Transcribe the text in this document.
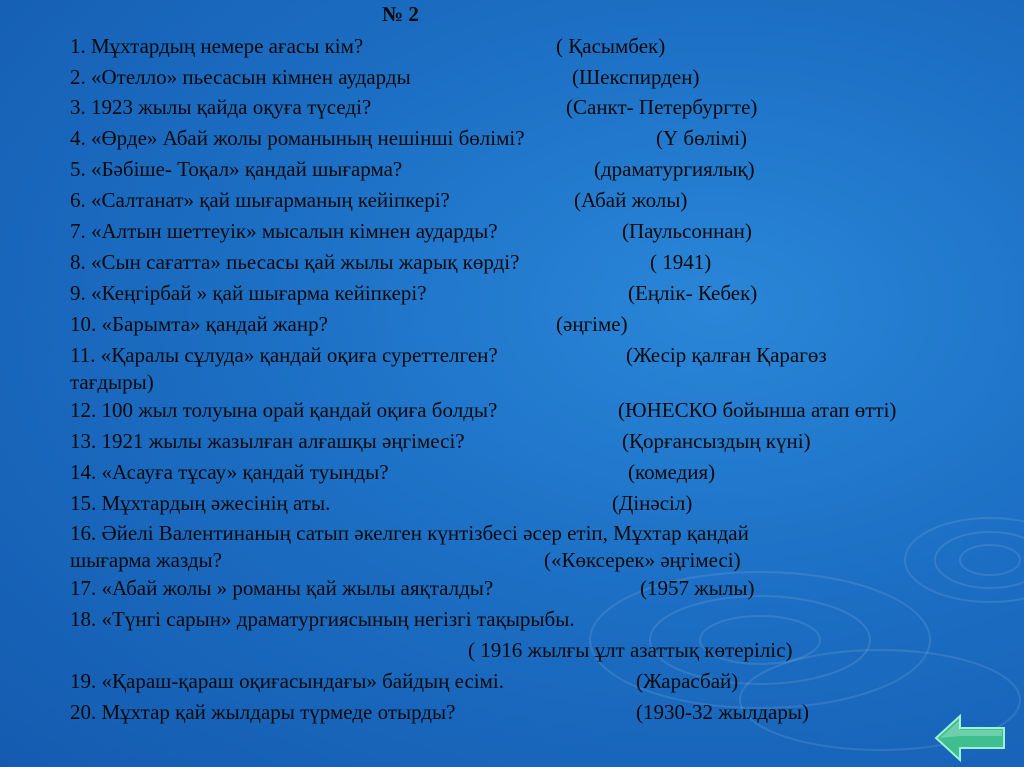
№ 2
1. Мұхтардың немере ағасы кім?	( Қасымбек)
2. «Отелло» пьесасын кімнен аударды	(Шекспирден)
3. 1923 жылы қайда оқуға түседі?	(Санкт- Петербургте)
4. «Өрде» Абай жолы романының нешінші бөлімі?	(Ү бөлімі)
5. «Бәбіше- Тоқал» қандай шығарма?	(драматургиялық)
6. «Салтанат» қай шығарманың кейіпкері?	(Абай жолы)
7. «Алтын шеттеуік» мысалын кімнен аударды?	(Паульсоннан)
8. «Сын сағатта» пьесасы қай жылы жарық көрді?	( 1941)
9. «Кеңгірбай » қай шығарма кейіпкері?	(Еңлік- Кебек)
10. «Барымта» қандай жанр?	(әңгіме)
11. «Қаралы сұлуда» қандай оқиға суреттелген?	(Жесір қалған Қарагөз
тағдыры)
12. 100 жыл толуына орай қандай оқиға болды?	(ЮНЕСКО бойынша атап өтті)
13. 1921 жылы жазылған алғашқы әңгімесі?	(Қорғансыздың күні)
14. «Асауға тұсау» қандай туынды?	(комедия)
15. Мұхтардың әжесінің аты.	(Дінәсіл)
16. Әйелі Валентинаның сатып әкелген күнтізбесі әсер етіп, Мұхтар қандай
шығарма жазды?	(«Көксерек» әңгімесі)
17. «Абай жолы » романы қай жылы аяқталды?	(1957 жылы)
18. «Түнгі сарын» драматургиясының негізгі тақырыбы.
( 1916 жылғы ұлт азаттық көтеріліс)
19. «Қараш-қараш оқиғасындағы» байдың есімі.	(Жарасбай)
20. Мұхтар қай жылдары түрмеде отырды?	(1930-32 жылдары)
